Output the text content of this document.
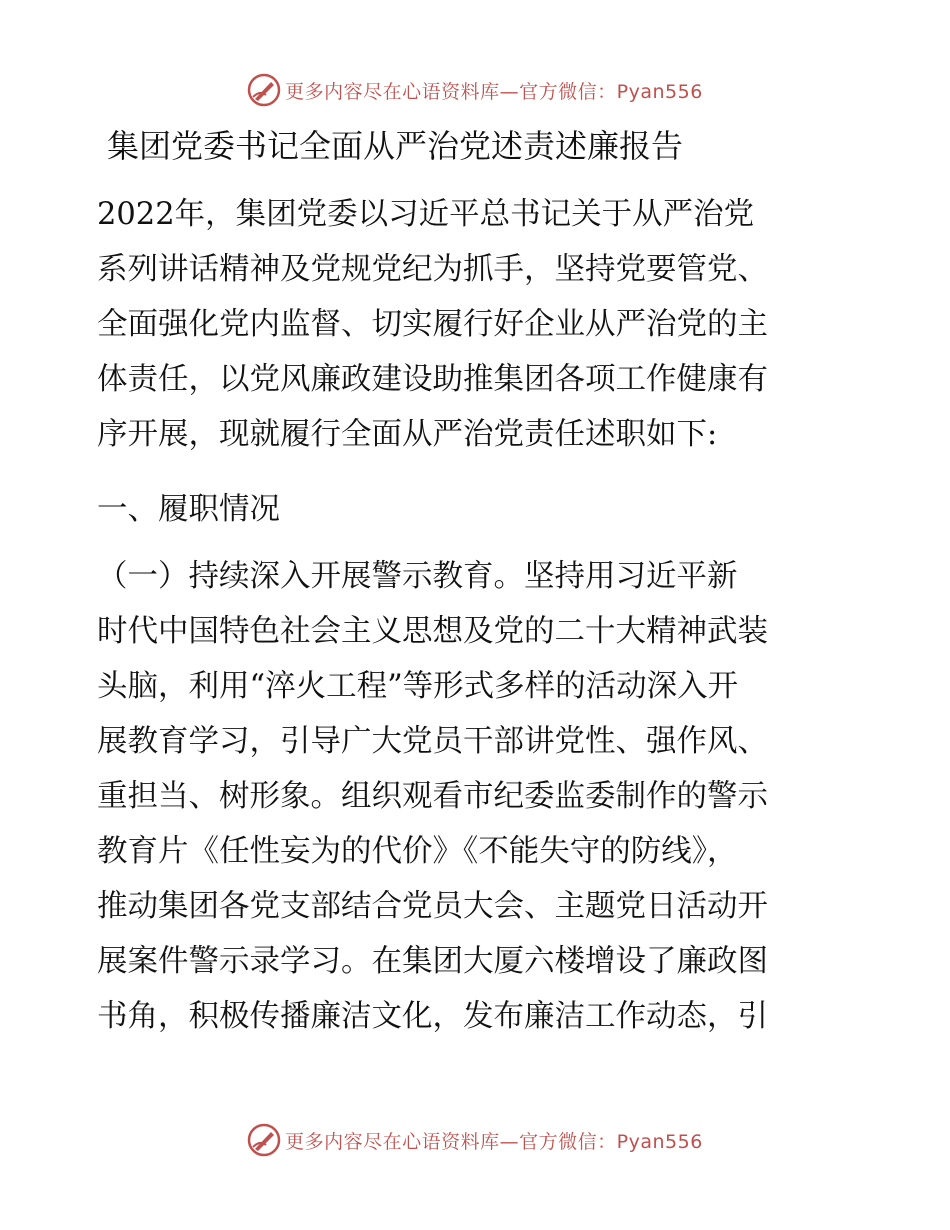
更多内容尽在心语资料库—官方微信：Pyan556
集团党委书记全面从严治党述责述廉报告

2022年，集团党委以习近平总书记关于从严治党
系列讲话精神及党规党纪为抓手，坚持党要管党、
全面强化党内监督、切实履行好企业从严治党的主
体责任，以党风廉政建设助推集团各项工作健康有
序开展，现就履行全面从严治党责任述职如下:

一、履职情况

（一）持续深入开展警示教育。坚持用习近平新
时代中国特色社会主义思想及党的二十大精神武装
头脑，利用“淬火工程”等形式多样的活动深入开
展教育学习，引导广大党员干部讲党性、强作风、
重担当、树形象。组织观看市纪委监委制作的警示
教育片《任性妄为的代价》《不能失守的防线》，
推动集团各党支部结合党员大会、主题党日活动开
展案件警示录学习。在集团大厦六楼增设了廉政图
书角，积极传播廉洁文化，发布廉洁工作动态，引

更多内容尽在心语资料库—官方微信：Pyan556
